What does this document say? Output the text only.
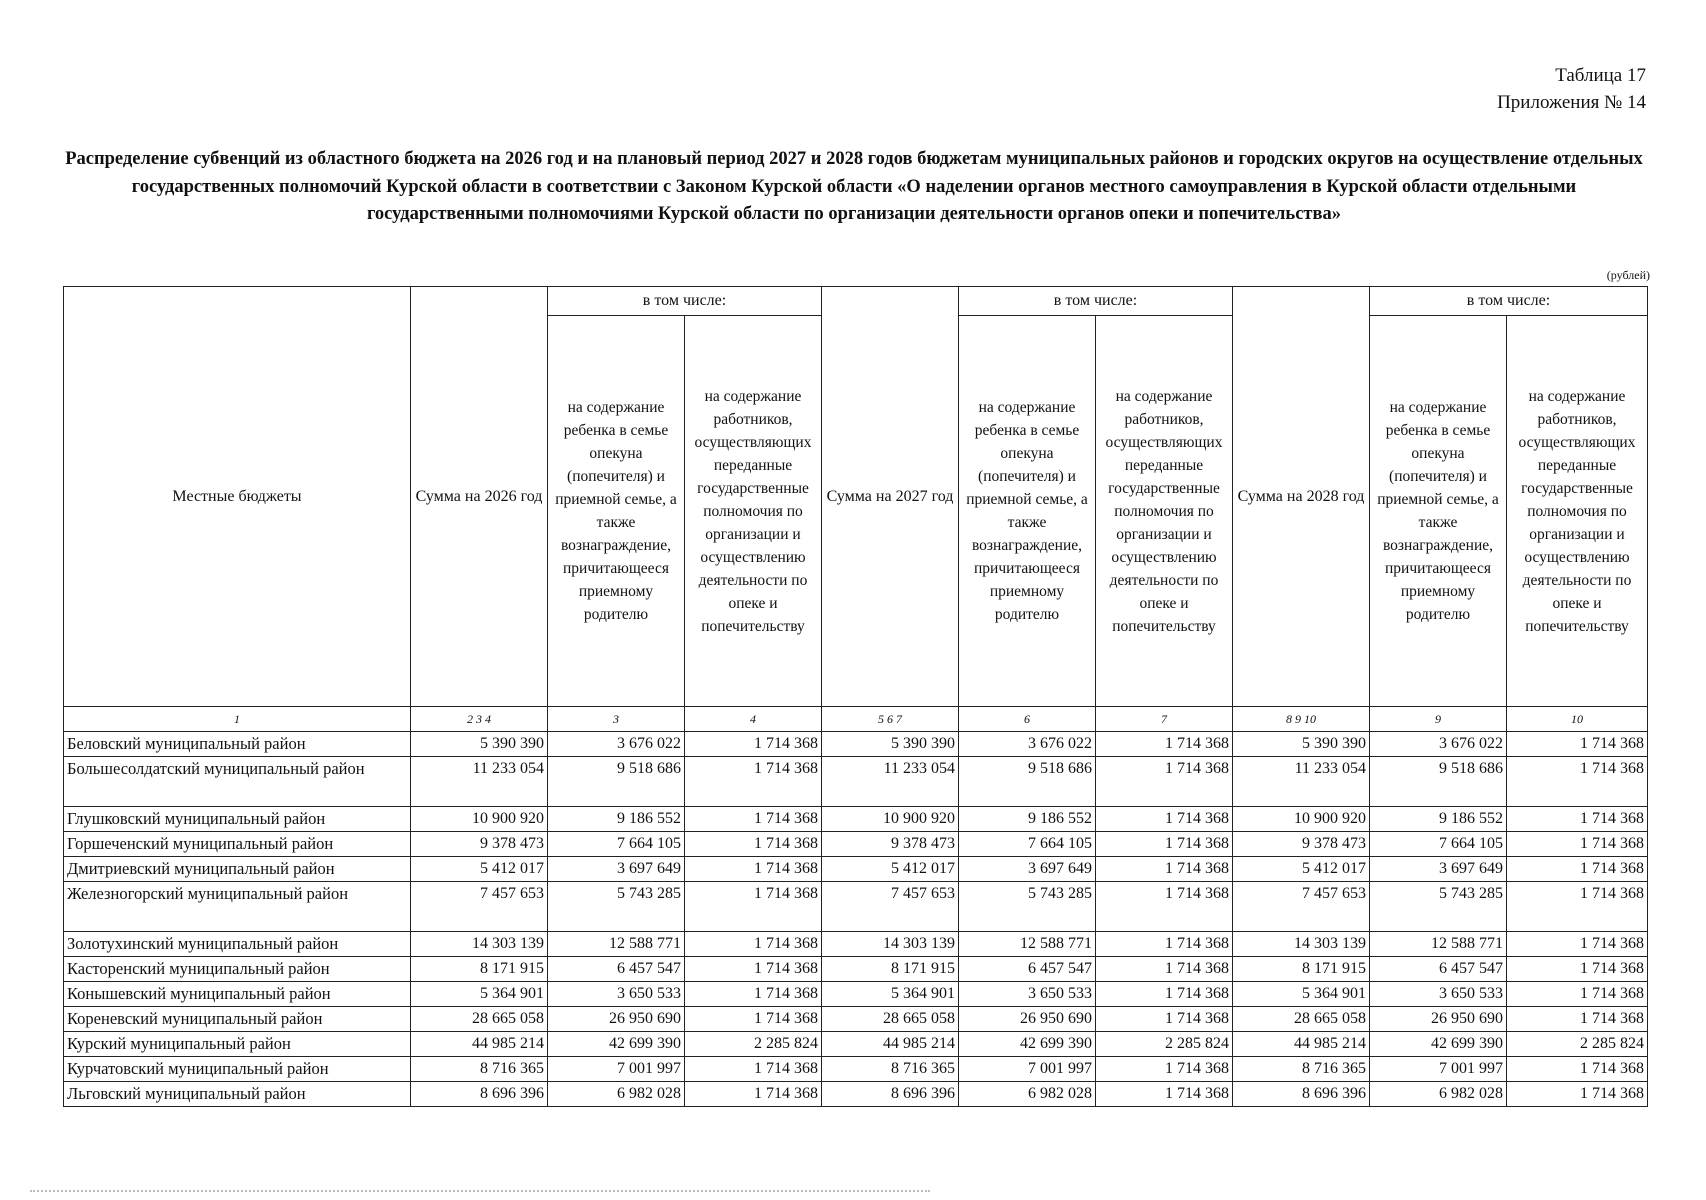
Таблица 17
Приложения № 14
Распределение субвенций из областного бюджета на 2026 год и на плановый период 2027 и 2028 годов бюджетам муниципальных районов и городских округов на осуществление отдельных государственных полномочий Курской области в соответствии с Законом Курской области «О наделении органов местного самоуправления в Курской области отдельными государственными полномочиями Курской области по организации деятельности органов опеки и попечительства»
(рублей)
Местные бюджеты	Сумма на 2026 год	в том числе:		Сумма на 2027 год	в том числе:		Сумма на 2028 год	в том числе:	
		на содержание ребенка в семье опекуна (попечителя) и приемной семье, а также вознаграждение, причитающееся приемному родителю	на содержание работников, осуществляющих переданные государственные полномочия по организации и осуществлению деятельности по опеке и попечительству		на содержание ребенка в семье опекуна (попечителя) и приемной семье, а также вознаграждение, причитающееся приемному родителю	на содержание работников, осуществляющих переданные государственные полномочия по организации и осуществлению деятельности по опеке и попечительству		на содержание ребенка в семье опекуна (попечителя) и приемной семье, а также вознаграждение, причитающееся приемному родителю	на содержание работников, осуществляющих переданные государственные полномочия по организации и осуществлению деятельности по опеке и попечительству
1	2 3 4	3	4	5 6 7	6	7	8 9 10	9	10
Беловский муниципальный район	5 390 390	3 676 022	1 714 368	5 390 390	3 676 022	1 714 368	5 390 390	3 676 022	1 714 368
Большесолдатский муниципальный район	11 233 054	9 518 686	1 714 368	11 233 054	9 518 686	1 714 368	11 233 054	9 518 686	1 714 368
Глушковский муниципальный район	10 900 920	9 186 552	1 714 368	10 900 920	9 186 552	1 714 368	10 900 920	9 186 552	1 714 368
Горшеченский муниципальный район	9 378 473	7 664 105	1 714 368	9 378 473	7 664 105	1 714 368	9 378 473	7 664 105	1 714 368
Дмитриевский муниципальный район	5 412 017	3 697 649	1 714 368	5 412 017	3 697 649	1 714 368	5 412 017	3 697 649	1 714 368
Железногорский муниципальный район	7 457 653	5 743 285	1 714 368	7 457 653	5 743 285	1 714 368	7 457 653	5 743 285	1 714 368
Золотухинский муниципальный район	14 303 139	12 588 771	1 714 368	14 303 139	12 588 771	1 714 368	14 303 139	12 588 771	1 714 368
Касторенский муниципальный район	8 171 915	6 457 547	1 714 368	8 171 915	6 457 547	1 714 368	8 171 915	6 457 547	1 714 368
Конышевский муниципальный район	5 364 901	3 650 533	1 714 368	5 364 901	3 650 533	1 714 368	5 364 901	3 650 533	1 714 368
Кореневский муниципальный район	28 665 058	26 950 690	1 714 368	28 665 058	26 950 690	1 714 368	28 665 058	26 950 690	1 714 368
Курский муниципальный район	44 985 214	42 699 390	2 285 824	44 985 214	42 699 390	2 285 824	44 985 214	42 699 390	2 285 824
Курчатовский муниципальный район	8 716 365	7 001 997	1 714 368	8 716 365	7 001 997	1 714 368	8 716 365	7 001 997	1 714 368
Льговский муниципальный район	8 696 396	6 982 028	1 714 368	8 696 396	6 982 028	1 714 368	8 696 396	6 982 028	1 714 368
